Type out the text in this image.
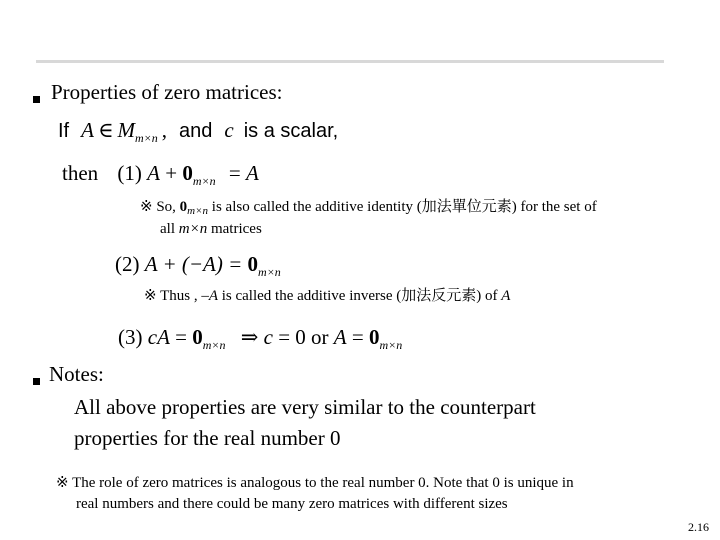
Properties of zero matrices:
If A ∈ $M_{m\times n}$ , and c is a scalar,
then (1) $A + 0_{m\times n} = A$
※ So, $0_{m\times n}$ is also called the additive identity (加法單位元素) for the set of
all m×n matrices
(2) $A + (-A) = 0_{m\times n}$
※ Thus , –A is called the additive inverse (加法反元素) of A
(3) cA = $0_{m\times n}$ ⇒ c = 0 or $A = 0_{m\times n}$
Notes:
All above properties are very similar to the counterpart
properties for the real number 0
※ The role of zero matrices is analogous to the real number 0. Note that 0 is unique in
real numbers and there could be many zero matrices with different sizes
2.16
